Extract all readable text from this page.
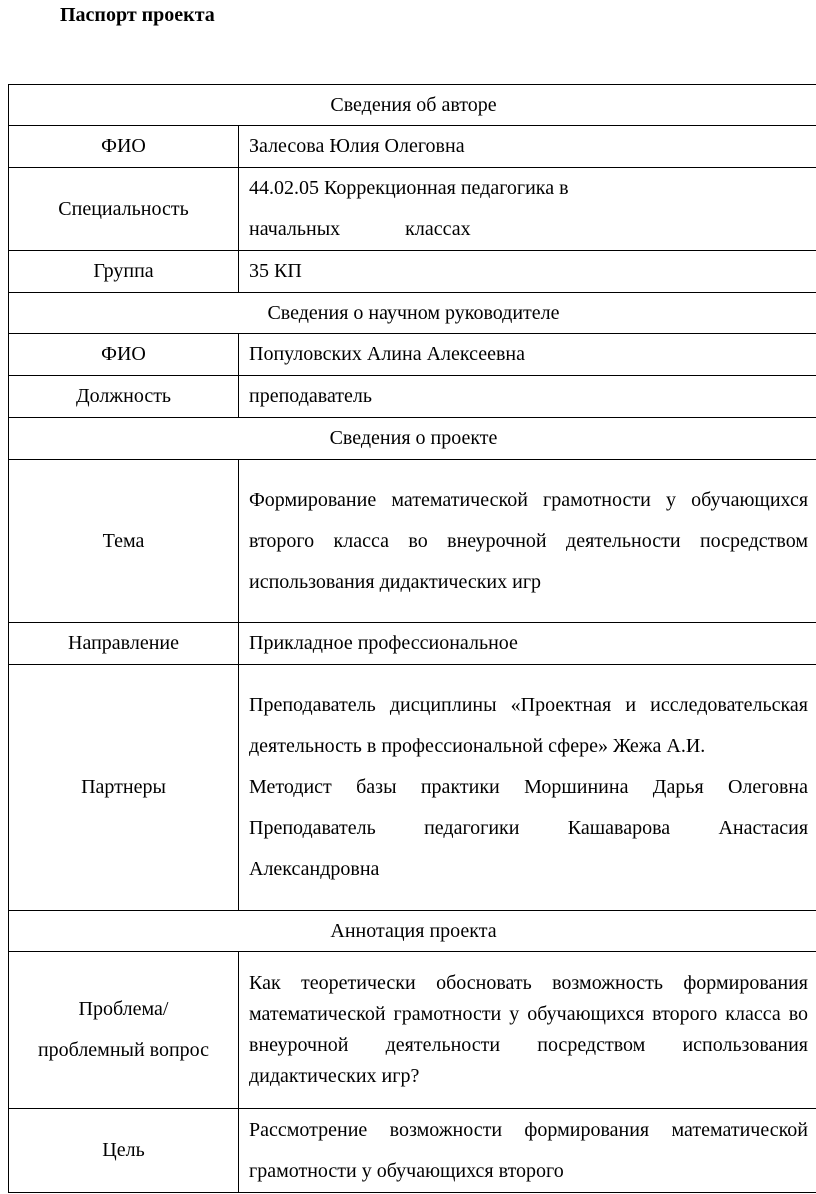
Паспорт проекта
Сведения об авторе	
ФИО	Залесова Юлия Олеговна
Специальность	44.02.05 Коррекционная педагогика в
начальных классах

Группа	35 КП
Сведения о научном руководителе	
ФИО	Популовских Алина Алексеевна
Должность	преподаватель
Сведения о проекте	
Тема	Формирование математической грамотности у обучающихся второго класса во внеурочной деятельности посредством использования дидактических игр
Направление	Прикладное профессиональное
Партнеры	Преподаватель дисциплины «Проектная и исследовательская деятельность в профессиональной сфере» Жежа А.И.
Методист базы практики Моршинина Дарья Олеговна
Преподаватель педагогики Кашаварова Анастасия Александровна

Аннотация проекта	

Проблема/
проблемный вопрос	Как теоретически обосновать возможность формирования математической грамотности у обучающихся второго класса во внеурочной деятельности посредством использования дидактических игр?
Цель	Рассмотрение возможности формирования математической грамотности у обучающихся второго
